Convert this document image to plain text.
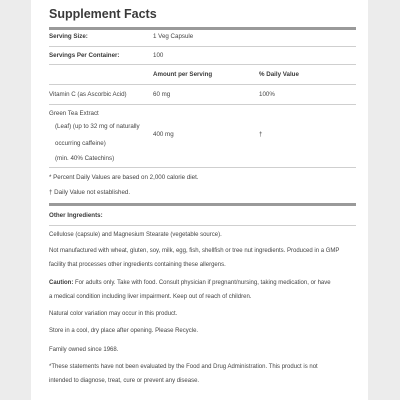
Supplement Facts
Serving Size:	1 Veg Capsule
Servings Per Container:	100
Amount per Serving	% Daily Value
Vitamin C (as Ascorbic Acid)	60 mg	100%
Green Tea Extract
(Leaf) (up to 32 mg of naturally
occurring caffeine)
(min. 40% Catechins)
400 mg	†
* Percent Daily Values are based on 2,000 calorie diet.
† Daily Value not established.
Other Ingredients:
Cellulose (capsule) and Magnesium Stearate (vegetable source).
Not manufactured with wheat, gluten, soy, milk, egg, fish, shellfish or tree nut ingredients. Produced in a GMP
facility that processes other ingredients containing these allergens.
Caution: For adults only. Take with food. Consult physician if pregnant/nursing, taking medication, or have
a medical condition including liver impairment. Keep out of reach of children.
Natural color variation may occur in this product.
Store in a cool, dry place after opening. Please Recycle.
Family owned since 1968.
*These statements have not been evaluated by the Food and Drug Administration. This product is not
intended to diagnose, treat, cure or prevent any disease.
